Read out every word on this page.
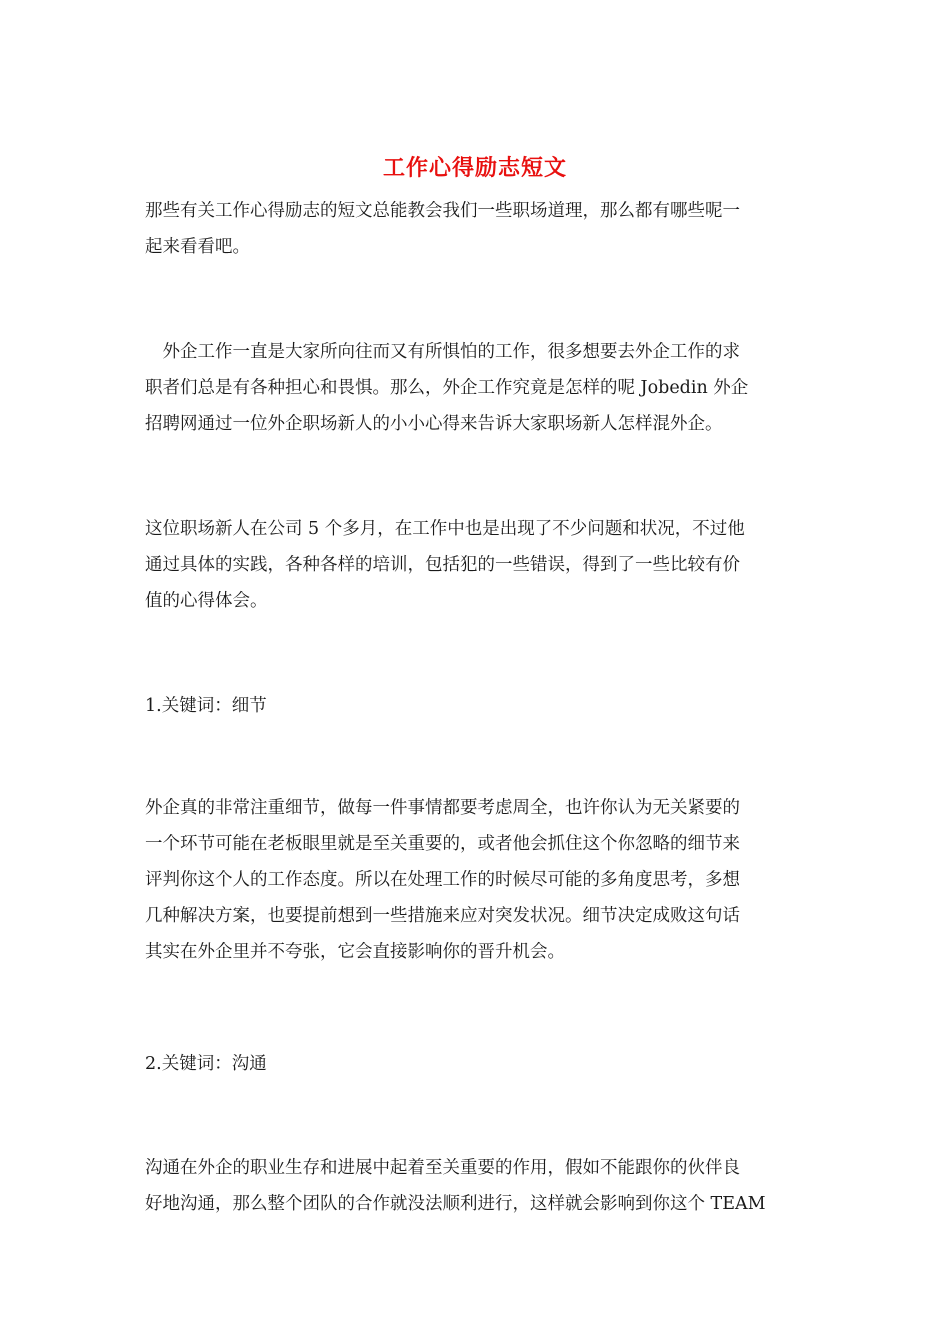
工作心得励志短文

那些有关工作心得励志的短文总能教会我们一些职场道理，那么都有哪些呢一
起来看看吧。

　外企工作一直是大家所向往而又有所惧怕的工作，很多想要去外企工作的求
职者们总是有各种担心和畏惧。那么，外企工作究竟是怎样的呢 Jobedin 外企
招聘网通过一位外企职场新人的小小心得来告诉大家职场新人怎样混外企。

这位职场新人在公司 5 个多月，在工作中也是出现了不少问题和状况，不过他
通过具体的实践，各种各样的培训，包括犯的一些错误，得到了一些比较有价
值的心得体会。

1.关键词：细节

外企真的非常注重细节，做每一件事情都要考虑周全，也许你认为无关紧要的
一个环节可能在老板眼里就是至关重要的，或者他会抓住这个你忽略的细节来
评判你这个人的工作态度。所以在处理工作的时候尽可能的多角度思考，多想
几种解决方案，也要提前想到一些措施来应对突发状况。细节决定成败这句话
其实在外企里并不夸张，它会直接影响你的晋升机会。

2.关键词：沟通

沟通在外企的职业生存和进展中起着至关重要的作用，假如不能跟你的伙伴良
好地沟通，那么整个团队的合作就没法顺利进行，这样就会影响到你这个 TEAM
